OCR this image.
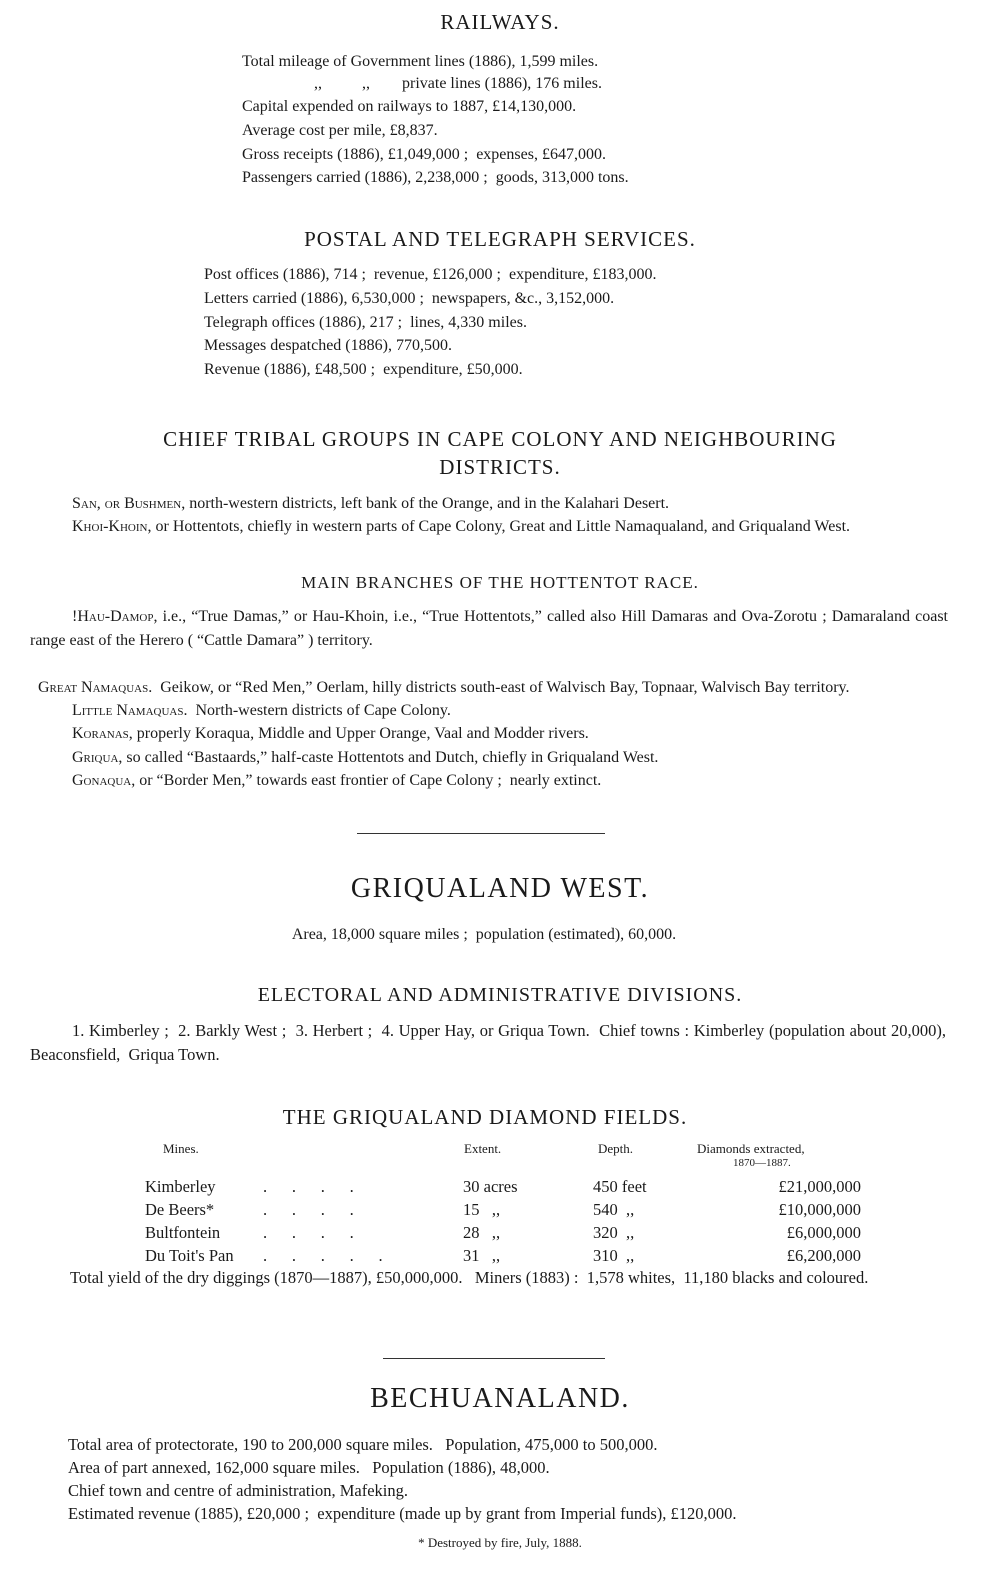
RAILWAYS.
Total mileage of Government lines (1886), 1,599 miles.
,,          ,,        private lines (1886), 176 miles.
Capital expended on railways to 1887, £14,130,000.
Average cost per mile, £8,837.
Gross receipts (1886), £1,049,000 ;  expenses, £647,000.
Passengers carried (1886), 2,238,000 ;  goods, 313,000 tons.
POSTAL AND TELEGRAPH SERVICES.
Post offices (1886), 714 ;  revenue, £126,000 ;  expenditure, £183,000.
Letters carried (1886), 6,530,000 ;  newspapers, &c., 3,152,000.
Telegraph offices (1886), 217 ;  lines, 4,330 miles.
Messages despatched (1886), 770,500.
Revenue (1886), £48,500 ;  expenditure, £50,000.
CHIEF TRIBAL GROUPS IN CAPE COLONY AND NEIGHBOURING
DISTRICTS.
San, or Bushmen, north-western districts, left bank of the Orange, and in the Kalahari Desert.
Khoi-Khoin, or Hottentots, chiefly in western parts of Cape Colony, Great and Little Namaqualand, and Griqualand West.
MAIN BRANCHES OF THE HOTTENTOT RACE.
!Hau-Damop, i.e., “True Damas,” or Hau-Khoin, i.e., “True Hottentots,” called also Hill Damaras and Ova-Zorotu ; Damaraland coast range east of the Herero ( “Cattle Damara” ) territory.

Great Namaquas.  Geikow, or “Red Men,” Oerlam, hilly districts south-east of Walvisch Bay, Topnaar, Walvisch Bay territory.

Little Namaquas.  North-western districts of Cape Colony.
Koranas, properly Koraqua, Middle and Upper Orange, Vaal and Modder rivers.
Griqua, so called “Bastaards,” half-caste Hottentots and Dutch, chiefly in Griqualand West.
Gonaqua, or “Border Men,” towards east frontier of Cape Colony ;  nearly extinct.
GRIQUALAND WEST.
Area, 18,000 square miles ;  population (estimated), 60,000.
ELECTORAL AND ADMINISTRATIVE DIVISIONS.
1. Kimberley ;  2. Barkly West ;  3. Herbert ;  4. Upper Hay, or Griqua Town.  Chief towns : Kimberley (population about 20,000),  Beaconsfield,  Griqua Town.
THE GRIQUALAND DIAMOND FIELDS.
Mines.	Extent.	Depth.	Diamonds extracted,
1870—1887.
Kimberley	.      .      .      .	30 acres	450 feet	£21,000,000
De Beers*	.      .      .      .	15   ,,	540  ,,	£10,000,000
Bultfontein	.      .      .      .	28   ,,	320  ,,	£6,000,000
Du Toit's Pan	.      .      .      .      .	31   ,,	310  ,,	£6,200,000
Total yield of the dry diggings (1870—1887), £50,000,000.   Miners (1883) :  1,578 whites,  11,180 blacks and coloured.
BECHUANALAND.
Total area of protectorate, 190 to 200,000 square miles.   Population, 475,000 to 500,000.
Area of part annexed, 162,000 square miles.   Population (1886), 48,000.
Chief town and centre of administration, Mafeking.
Estimated revenue (1885), £20,000 ;  expenditure (made up by grant from Imperial funds), £120,000.
* Destroyed by fire, July, 1888.
